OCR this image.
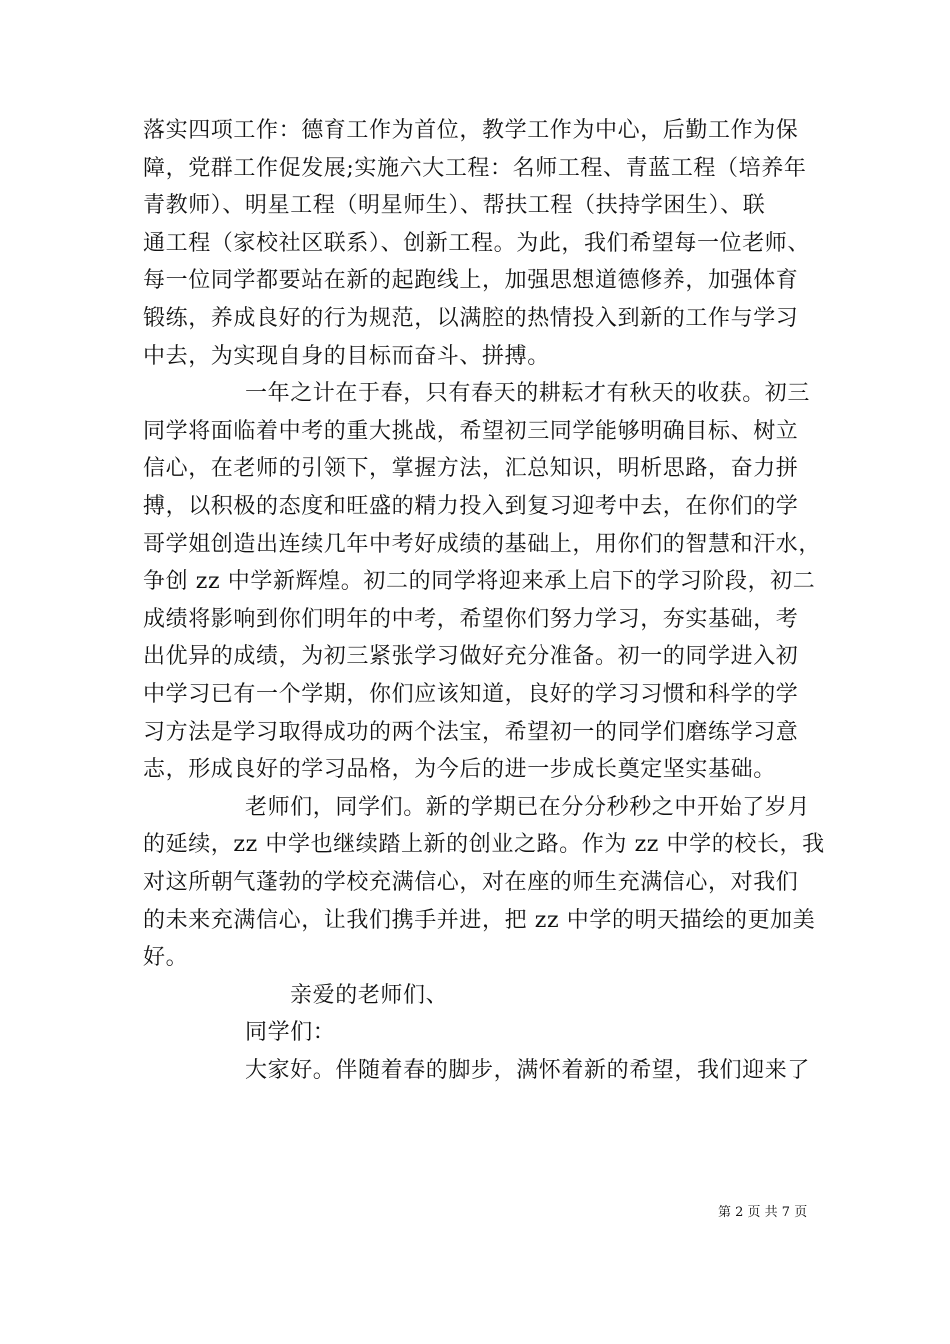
落实四项工作：德育工作为首位，教学工作为中心，后勤工作为保
障，党群工作促发展;实施六大工程：名师工程、青蓝工程（培养年
青教师）、明星工程（明星师生）、帮扶工程（扶持学困生）、联
通工程（家校社区联系）、创新工程。为此，我们希望每一位老师、
每一位同学都要站在新的起跑线上，加强思想道德修养，加强体育
锻练，养成良好的行为规范，以满腔的热情投入到新的工作与学习
中去，为实现自身的目标而奋斗、拼搏。
一年之计在于春，只有春天的耕耘才有秋天的收获。初三
同学将面临着中考的重大挑战，希望初三同学能够明确目标、树立
信心，在老师的引领下，掌握方法，汇总知识，明析思路，奋力拼
搏，以积极的态度和旺盛的精力投入到复习迎考中去，在你们的学
哥学姐创造出连续几年中考好成绩的基础上，用你们的智慧和汗水，
争创 zz 中学新辉煌。初二的同学将迎来承上启下的学习阶段，初二
成绩将影响到你们明年的中考，希望你们努力学习，夯实基础，考
出优异的成绩，为初三紧张学习做好充分准备。初一的同学进入初
中学习已有一个学期，你们应该知道，良好的学习习惯和科学的学
习方法是学习取得成功的两个法宝，希望初一的同学们磨练学习意
志，形成良好的学习品格，为今后的进一步成长奠定坚实基础。
老师们，同学们。新的学期已在分分秒秒之中开始了岁月
的延续，zz 中学也继续踏上新的创业之路。作为 zz 中学的校长，我
对这所朝气蓬勃的学校充满信心，对在座的师生充满信心，对我们
的未来充满信心，让我们携手并进，把 zz 中学的明天描绘的更加美
好。
亲爱的老师们、
同学们：
大家好。伴随着春的脚步，满怀着新的希望，我们迎来了
第 2 页 共 7 页
